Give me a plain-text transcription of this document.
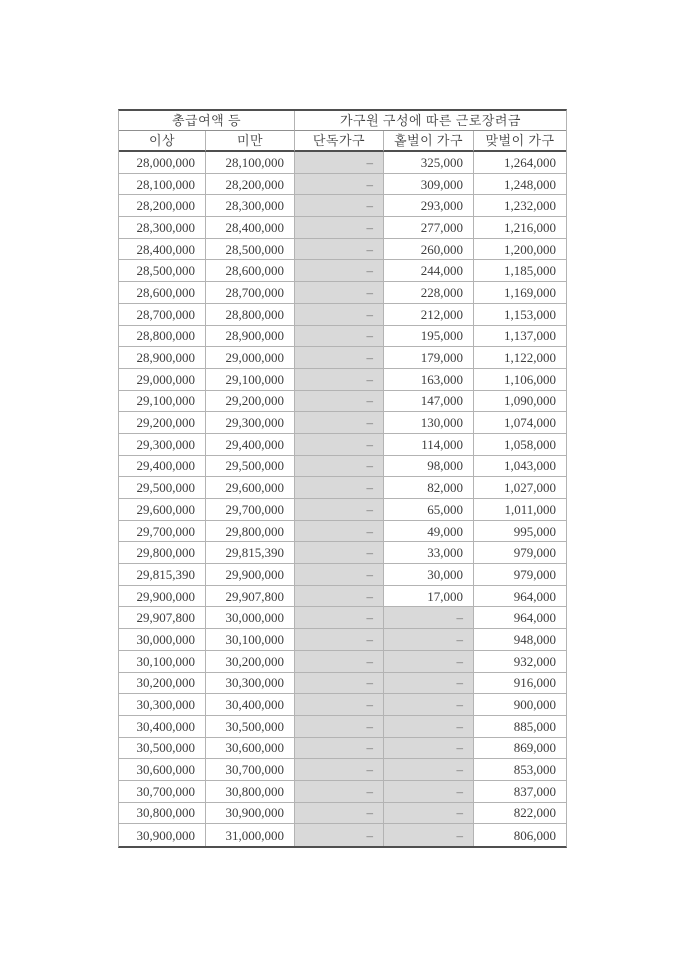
총급여액 등	가구원 구성에 따른 근로장려금
이상	미만	단독가구	홑벌이 가구	맞벌이 가구
28,000,000	28,100,000	–	325,000	1,264,000
28,100,000	28,200,000	–	309,000	1,248,000
28,200,000	28,300,000	–	293,000	1,232,000
28,300,000	28,400,000	–	277,000	1,216,000
28,400,000	28,500,000	–	260,000	1,200,000
28,500,000	28,600,000	–	244,000	1,185,000
28,600,000	28,700,000	–	228,000	1,169,000
28,700,000	28,800,000	–	212,000	1,153,000
28,800,000	28,900,000	–	195,000	1,137,000
28,900,000	29,000,000	–	179,000	1,122,000
29,000,000	29,100,000	–	163,000	1,106,000
29,100,000	29,200,000	–	147,000	1,090,000
29,200,000	29,300,000	–	130,000	1,074,000
29,300,000	29,400,000	–	114,000	1,058,000
29,400,000	29,500,000	–	98,000	1,043,000
29,500,000	29,600,000	–	82,000	1,027,000
29,600,000	29,700,000	–	65,000	1,011,000
29,700,000	29,800,000	–	49,000	995,000
29,800,000	29,815,390	–	33,000	979,000
29,815,390	29,900,000	–	30,000	979,000
29,900,000	29,907,800	–	17,000	964,000
29,907,800	30,000,000	–	–	964,000
30,000,000	30,100,000	–	–	948,000
30,100,000	30,200,000	–	–	932,000
30,200,000	30,300,000	–	–	916,000
30,300,000	30,400,000	–	–	900,000
30,400,000	30,500,000	–	–	885,000
30,500,000	30,600,000	–	–	869,000
30,600,000	30,700,000	–	–	853,000
30,700,000	30,800,000	–	–	837,000
30,800,000	30,900,000	–	–	822,000
30,900,000	31,000,000	–	–	806,000
